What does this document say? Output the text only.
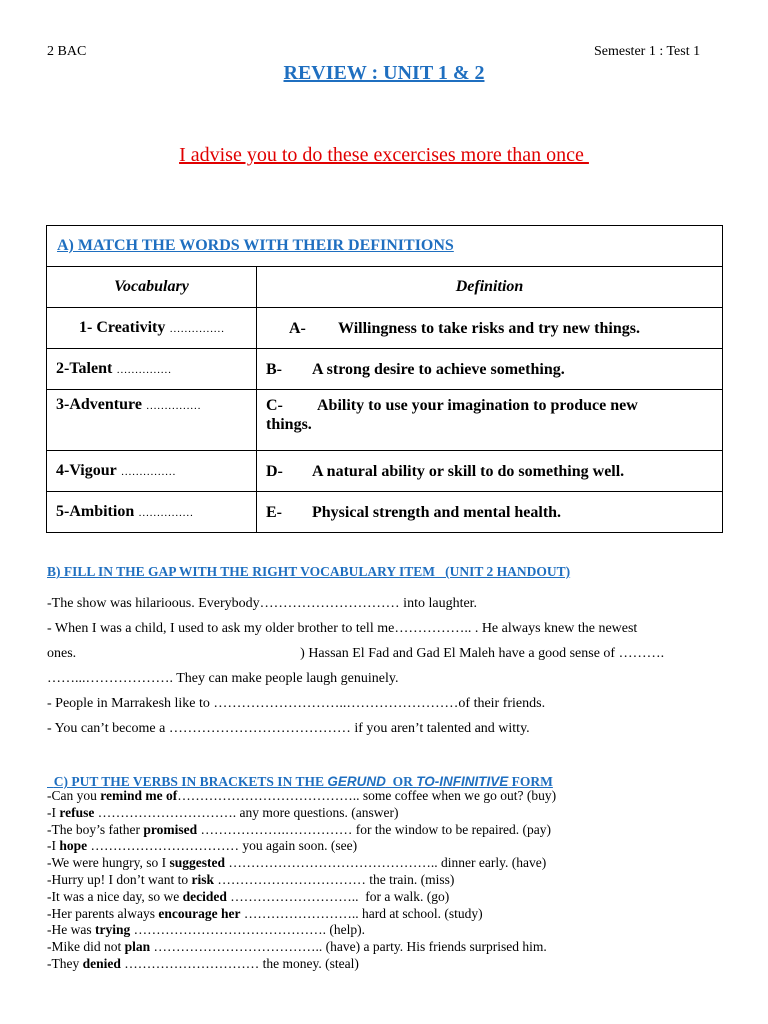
2 BAC	Semester 1 : Test 1
REVIEW : UNIT 1 & 2
I advise you to do these excercises more than once
A) MATCH THE WORDS WITH THEIR DEFINITIONS	
Vocabulary	Definition
1- Creativity ……………	A- Willingness to take risks and try new things.
2-Talent ……………	B- A strong desire to achieve something.
3-Adventure ……………	C- Ability to use your imagination to produce new
things.

4-Vigour ……………	D- A natural ability or skill to do something well.
5-Ambition ……………	E- Physical strength and mental health.
B) FILL IN THE GAP WITH THE RIGHT VOCABULARY ITEM   (UNIT 2 HANDOUT)
-The show was hilarioous. Everybody………………………… into laughter.
- When I was a child, I used to ask my older brother to tell me…………….. . He always knew the newest
ones.                                                                ) Hassan El Fad and Gad El Maleh have a good sense of ……….
……...………………. They can make people laugh genuinely.
- People in Marrakesh like to ………………………..……………………of their friends.
- You can’t become a ………………………………… if you aren’t talented and witty.

C) PUT THE VERBS IN BRACKETS IN THE GERUND  OR TO-INFINITIVE FORM

-Can you remind me of………………………………….. some coffee when we go out? (buy)
-I refuse …………………………. any more questions. (answer)
-The boy’s father promised ……………….…………… for the window to be repaired. (pay)
-I hope …………………………… you again soon. (see)
-We were hungry, so I suggested ……………………………………….. dinner early. (have)
-Hurry up! I don’t want to risk …………………………… the train. (miss)
-It was a nice day, so we decided ………………………..  for a walk. (go)
-Her parents always encourage her …………………….. hard at school. (study)
-He was trying ……………………………………. (help).
-Mike did not plan ……………………………….. (have) a party. His friends surprised him.
-They denied ………………………… the money. (steal)
